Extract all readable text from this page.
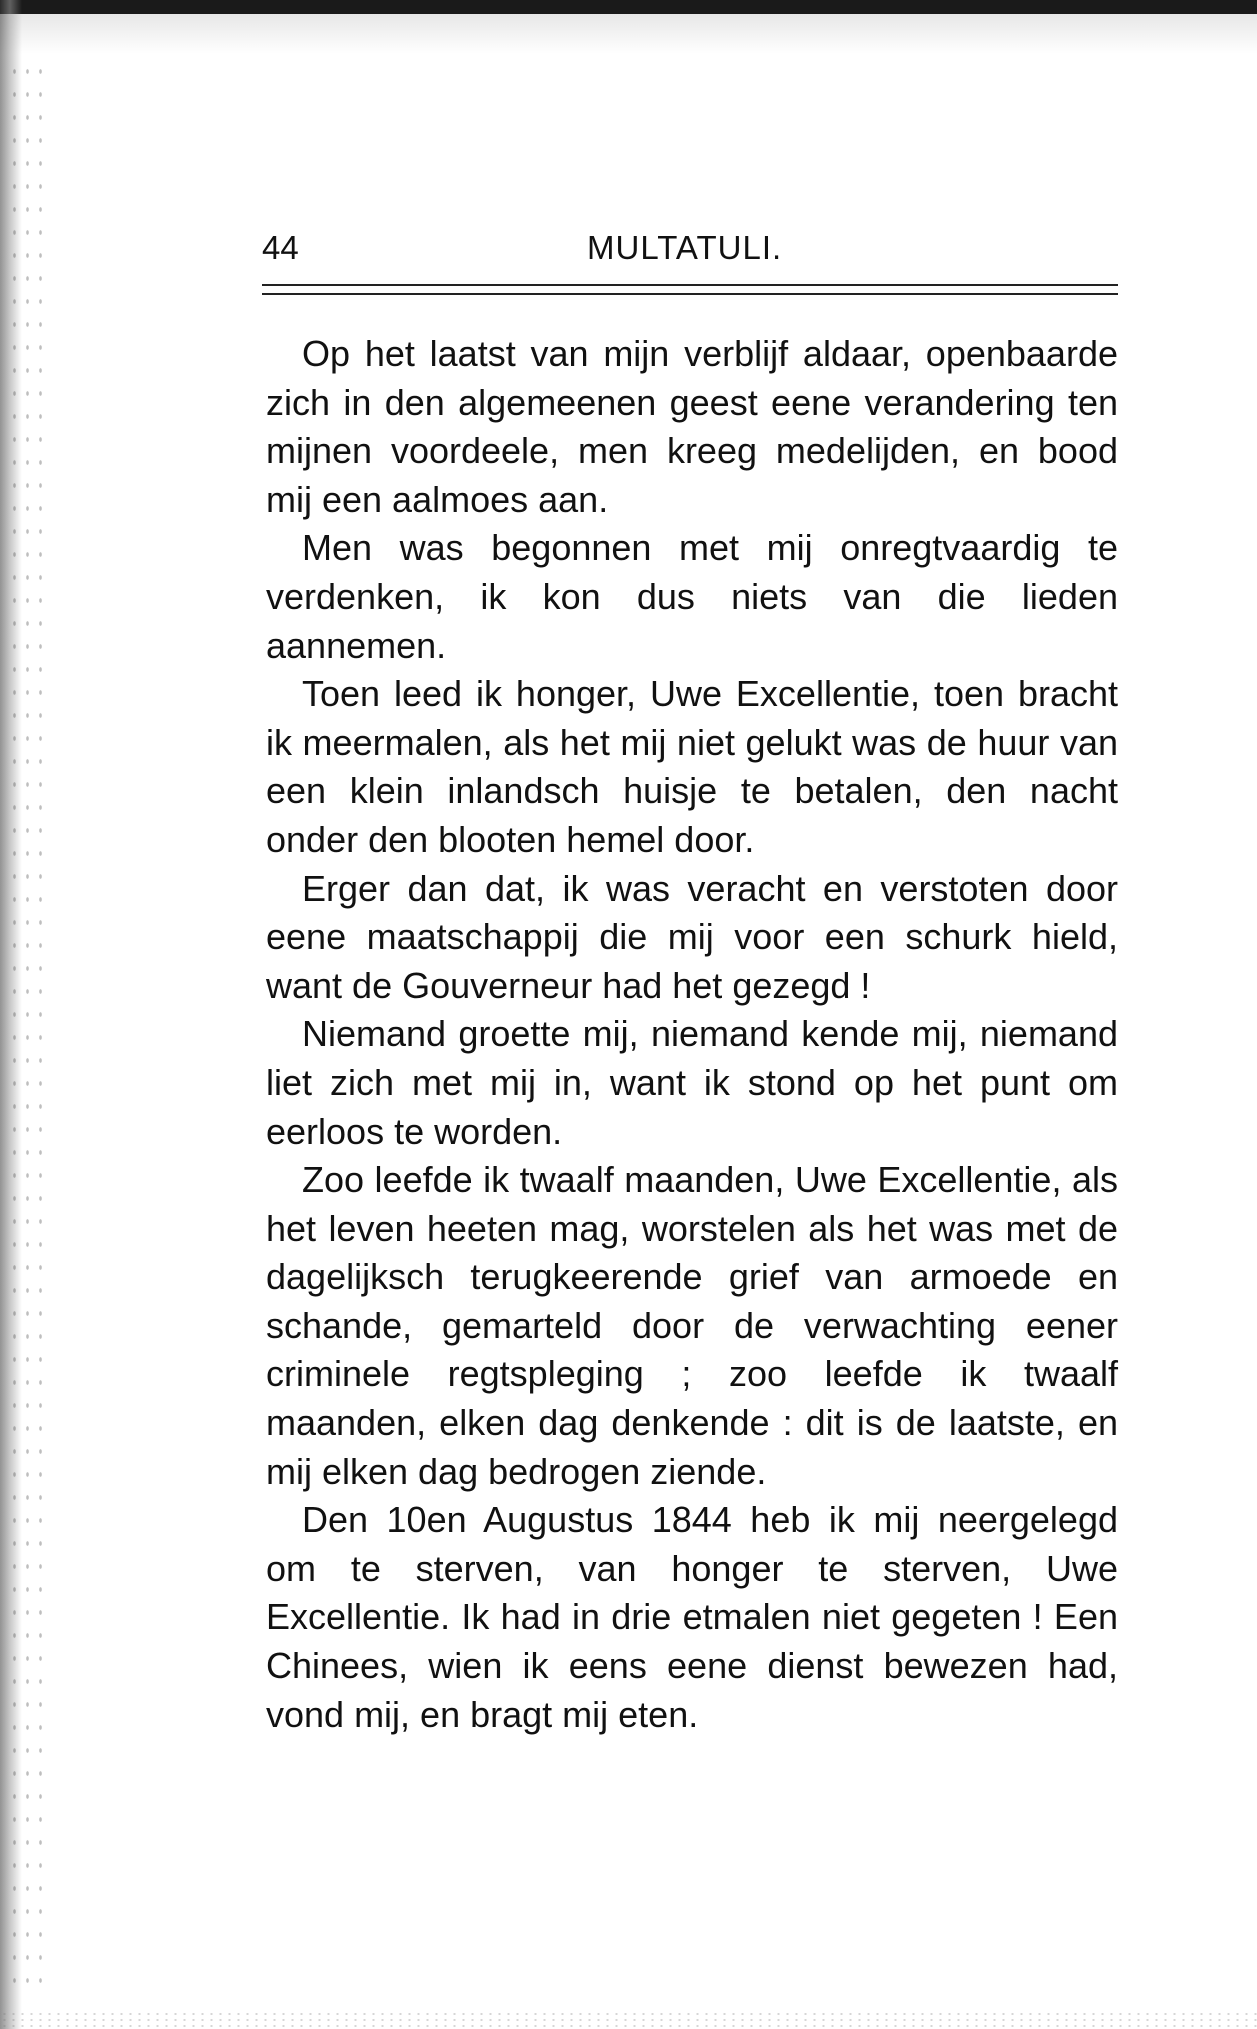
44	MULTATULI.

Op het laatst van mijn verblijf aldaar, openbaarde zich in den algemeenen geest eene verandering ten mijnen voordeele, men kreeg medelijden, en bood mij een aalmoes aan.

Men was begonnen met mij onregtvaardig te verdenken, ik kon dus niets van die lieden aannemen.

Toen leed ik honger, Uwe Excellentie, toen bracht ik meermalen, als het mij niet gelukt was de huur van een klein inlandsch huisje te betalen, den nacht onder den blooten hemel door.

Erger dan dat, ik was veracht en verstoten door eene maatschappij die mij voor een schurk hield, want de Gouverneur had het gezegd !

Niemand groette mij, niemand kende mij, niemand liet zich met mij in, want ik stond op het punt om eerloos te worden.

Zoo leefde ik twaalf maanden, Uwe Excellentie, als het leven heeten mag, worstelen als het was met de dagelijksch terugkeerende grief van armoede en schande, gemarteld door de verwachting eener criminele regtspleging ; zoo leefde ik twaalf maanden, elken dag denkende : dit is de laatste, en mij elken dag bedrogen ziende.

Den 10en Augustus 1844 heb ik mij neergelegd om te sterven, van honger te sterven, Uwe Excellentie. Ik had in drie etmalen niet gegeten ! Een Chinees, wien ik eens eene dienst bewezen had, vond mij, en bragt mij eten.
